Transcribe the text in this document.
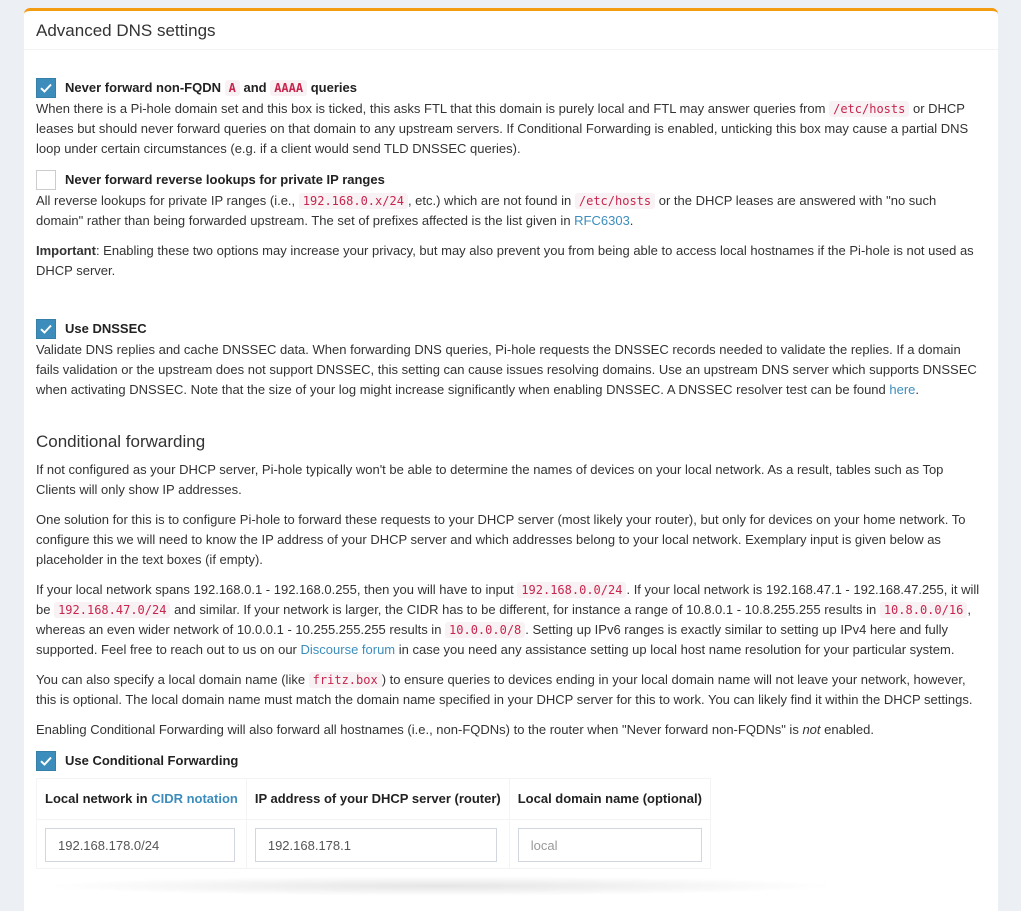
Advanced DNS settings
Never forward non-FQDN A and AAAA queries

When there is a Pi-hole domain set and this box is ticked, this asks FTL that this domain is purely local and FTL may answer queries from /etc/hosts or DHCP leases but should never forward queries on that domain to any upstream servers. If Conditional Forwarding is enabled, unticking this box may cause a partial DNS loop under certain circumstances (e.g. if a client would send TLD DNSSEC queries).

Never forward reverse lookups for private IP ranges

All reverse lookups for private IP ranges (i.e., 192.168.0.x/24 , etc.) which are not found in /etc/hosts or the DHCP leases are answered with "no such domain" rather than being forwarded upstream. The set of prefixes affected is the list given in RFC6303.

Important: Enabling these two options may increase your privacy, but may also prevent you from being able to access local hostnames if the Pi-hole is not used as DHCP server.

Use DNSSEC

Validate DNS replies and cache DNSSEC data. When forwarding DNS queries, Pi-hole requests the DNSSEC records needed to validate the replies. If a domain fails validation or the upstream does not support DNSSEC, this setting can cause issues resolving domains. Use an upstream DNS server which supports DNSSEC when activating DNSSEC. Note that the size of your log might increase significantly when enabling DNSSEC. A DNSSEC resolver test can be found here.

Conditional forwarding

If not configured as your DHCP server, Pi-hole typically won't be able to determine the names of devices on your local network. As a result, tables such as Top Clients will only show IP addresses.

One solution for this is to configure Pi-hole to forward these requests to your DHCP server (most likely your router), but only for devices on your home network. To configure this we will need to know the IP address of your DHCP server and which addresses belong to your local network. Exemplary input is given below as placeholder in the text boxes (if empty).

If your local network spans 192.168.0.1 - 192.168.0.255, then you will have to input 192.168.0.0/24 . If your local network is 192.168.47.1 - 192.168.47.255, it will be 192.168.47.0/24 and similar. If your network is larger, the CIDR has to be different, for instance a range of 10.8.0.1 - 10.8.255.255 results in 10.8.0.0/16 , whereas an even wider network of 10.0.0.1 - 10.255.255.255 results in 10.0.0.0/8 . Setting up IPv6 ranges is exactly similar to setting up IPv4 here and fully supported. Feel free to reach out to us on our Discourse forum in case you need any assistance setting up local host name resolution for your particular system.

You can also specify a local domain name (like fritz.box ) to ensure queries to devices ending in your local domain name will not leave your network, however, this is optional. The local domain name must match the domain name specified in your DHCP server for this to work. You can likely find it within the DHCP settings.

Enabling Conditional Forwarding will also forward all hostnames (i.e., non-FQDNs) to the router when "Never forward non-FQDNs" is not enabled.

Use Conditional Forwarding
Local network in CIDR notation	IP address of your DHCP server (router)	Local domain name (optional)
192.168.178.0/24	192.168.178.1	local
